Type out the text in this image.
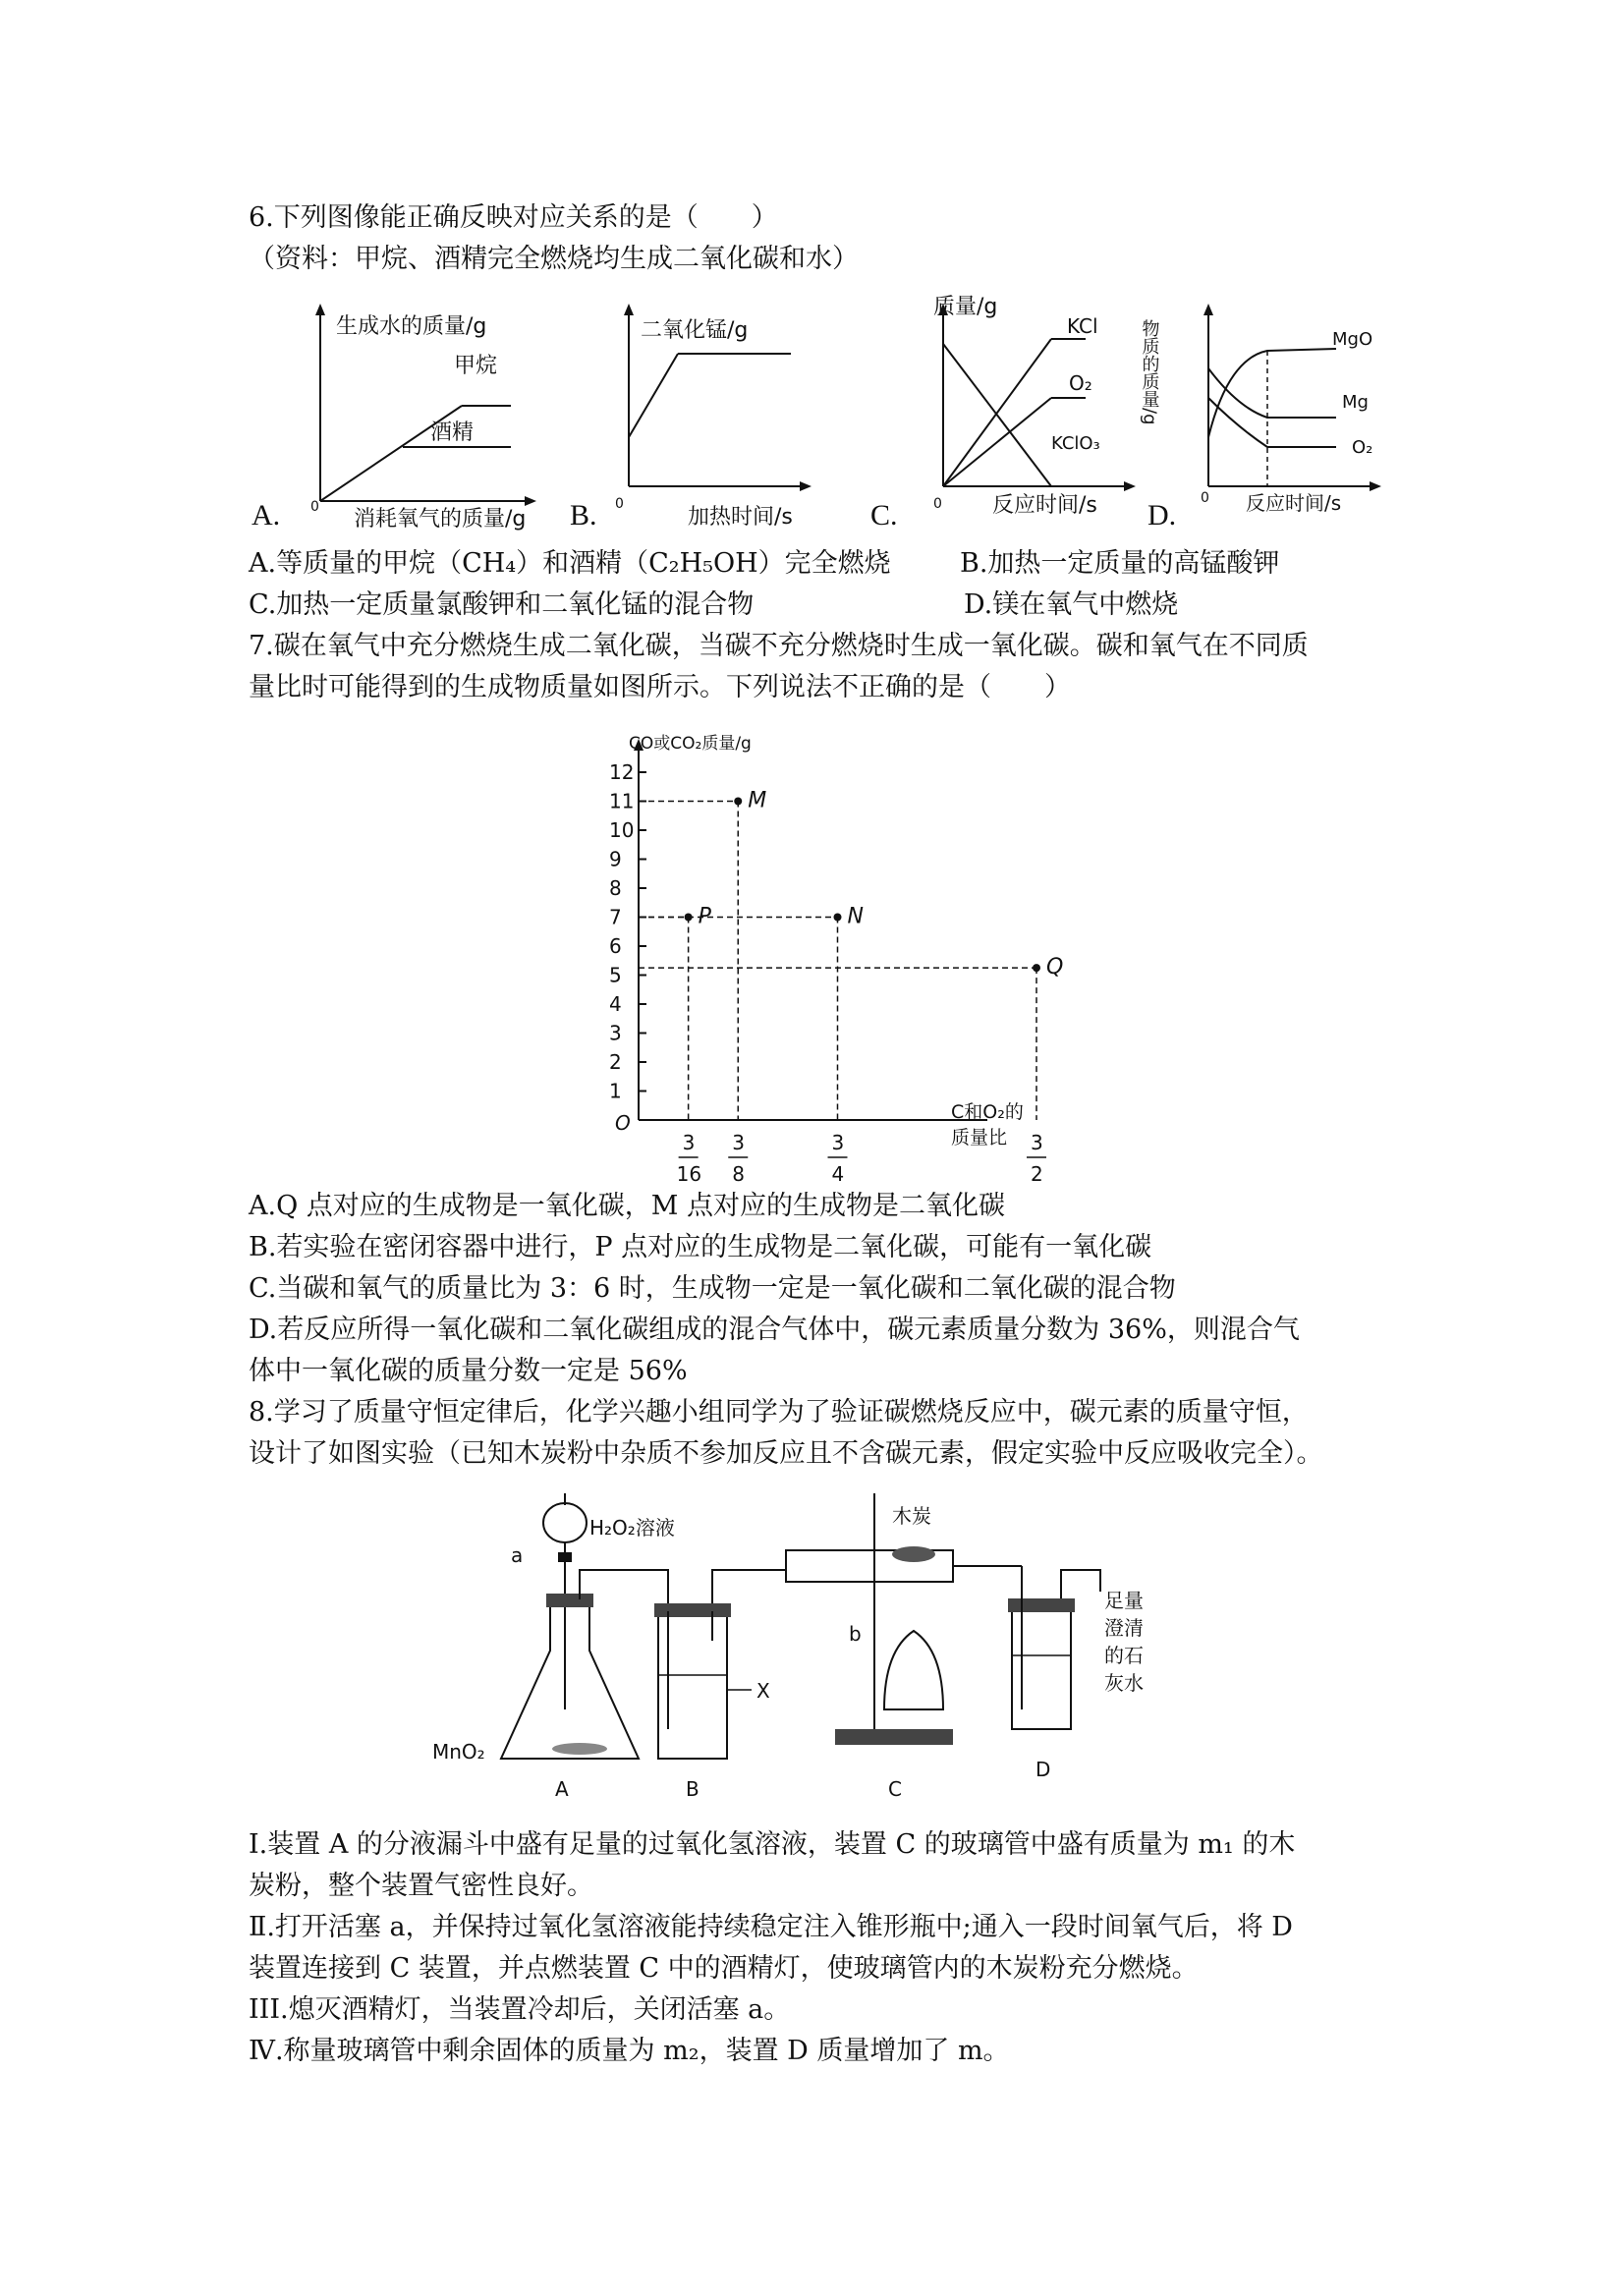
6.下列图像能正确反映对应关系的是（　　）
（资料：甲烷、酒精完全燃烧均生成二氧化碳和水）
生成水的质量/g
甲烷
酒精
0 消耗氧气的质量/g
A.
二氧化锰/g
0
加热时间/s
B.
质量/g
KCl
O₂
KClO₃
0 反应时间/s
C.
物质的质量/g	MgO
Mg
O₂
0 反应时间/s
D.
A.等质量的甲烷（CH₄）和酒精（C₂H₅OH）完全燃烧	B.加热一定质量的高锰酸钾
C.加热一定质量氯酸钾和二氧化锰的混合物	D.镁在氧气中燃烧
7.碳在氧气中充分燃烧生成二氧化碳，当碳不充分燃烧时生成一氧化碳。碳和氧气在不同质
量比时可能得到的生成物质量如图所示。下列说法不正确的是（　　）
CO或CO₂质量/g
O	C和O₂的
质量比
1
2
3
4
5
6
7
8
9
10
11
12
3
16
3
8
3
4
3
2
M
P	N
Q
A.Q 点对应的生成物是一氧化碳，M 点对应的生成物是二氧化碳
B.若实验在密闭容器中进行，P 点对应的生成物是二氧化碳，可能有一氧化碳
C.当碳和氧气的质量比为 3：6 时，生成物一定是一氧化碳和二氧化碳的混合物
D.若反应所得一氧化碳和二氧化碳组成的混合气体中，碳元素质量分数为 36%，则混合气
体中一氧化碳的质量分数一定是 56%
8.学习了质量守恒定律后，化学兴趣小组同学为了验证碳燃烧反应中，碳元素的质量守恒，
设计了如图实验（已知木炭粉中杂质不参加反应且不含碳元素，假定实验中反应吸收完全）。
H₂O₂溶液
a
MnO₂
A
X
B
木炭
b
C
足量
澄清
的石
灰水
D
Ⅰ.装置 A 的分液漏斗中盛有足量的过氧化氢溶液，装置 C 的玻璃管中盛有质量为 m₁ 的木
炭粉，整个装置气密性良好。
Ⅱ.打开活塞 a，并保持过氧化氢溶液能持续稳定注入锥形瓶中;通入一段时间氧气后，将 D
装置连接到 C 装置，并点燃装置 C 中的酒精灯，使玻璃管内的木炭粉充分燃烧。
III.熄灭酒精灯，当装置冷却后，关闭活塞 a。
Ⅳ.称量玻璃管中剩余固体的质量为 m₂，装置 D 质量增加了 m。
